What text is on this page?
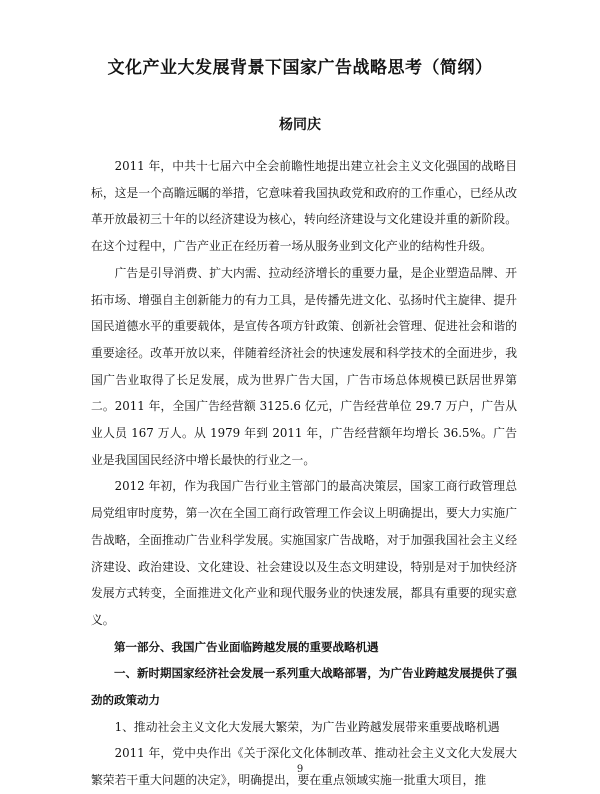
文化产业大发展背景下国家广告战略思考（简纲）
杨同庆

2011 年，中共十七届六中全会前瞻性地提出建立社会主义文化强国的战略目标，这是一个高瞻远瞩的举措，它意味着我国执政党和政府的工作重心，已经从改革开放最初三十年的以经济建设为核心，转向经济建设与文化建设并重的新阶段。在这个过程中，广告产业正在经历着一场从服务业到文化产业的结构性升级。

广告是引导消费、扩大内需、拉动经济增长的重要力量，是企业塑造品牌、开拓市场、增强自主创新能力的有力工具，是传播先进文化、弘扬时代主旋律、提升国民道德水平的重要载体，是宣传各项方针政策、创新社会管理、促进社会和谐的重要途径。改革开放以来，伴随着经济社会的快速发展和科学技术的全面进步，我国广告业取得了长足发展，成为世界广告大国，广告市场总体规模已跃居世界第二。2011 年，全国广告经营额 3125.6 亿元，广告经营单位 29.7 万户，广告从业人员 167 万人。从 1979 年到 2011 年，广告经营额年均增长 36.5%。广告业是我国国民经济中增长最快的行业之一。

2012 年初，作为我国广告行业主管部门的最高决策层，国家工商行政管理总局党组审时度势，第一次在全国工商行政管理工作会议上明确提出，要大力实施广告战略，全面推动广告业科学发展。实施国家广告战略，对于加强我国社会主义经济建设、政治建设、文化建设、社会建设以及生态文明建设，特别是对于加快经济发展方式转变，全面推进文化产业和现代服务业的快速发展，都具有重要的现实意义。

第一部分、我国广告业面临跨越发展的重要战略机遇

一、新时期国家经济社会发展一系列重大战略部署，为广告业跨越发展提供了强劲的政策动力

1、推动社会主义文化大发展大繁荣，为广告业跨越发展带来重要战略机遇

2011 年，党中央作出《关于深化文化体制改革、推动社会主义文化大发展大繁荣若干重大问题的决定》，明确提出，要在重点领域实施一批重大项目，推

9
